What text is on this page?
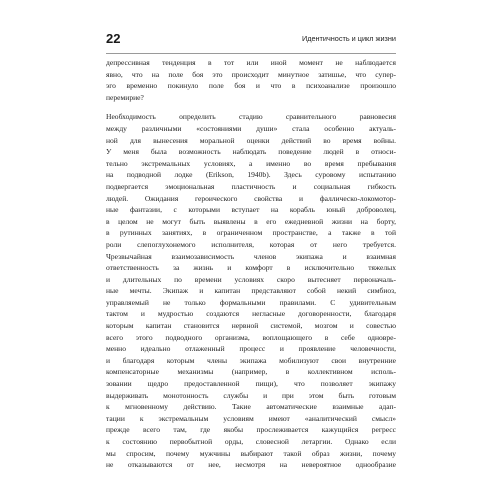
22	Идентичность и цикл жизни
депрессивная тенденция в тот или иной момент не наблюдается
явно, что на поле боя это происходит минутное затишье, что супер-
эго временно покинуло поле боя и что в психоанализе произошло
перемирие?
Необходимость определить стадию сравнительного равновесия
между различными «состояниями души» стала особенно актуаль-
ной для вынесения моральной оценки действий во время войны.
У меня была возможность наблюдать поведение людей в относи-
тельно экстремальных условиях, а именно во время пребывания
на подводной лодке (Erikson, 1940b). Здесь суровому испытанию
подвергается эмоциональная пластичность и социальная гибкость
людей. Ожидания героического свойства и фаллическо-локомотор-
ные фантазии, с которыми вступает на корабль юный доброволец,
в целом не могут быть выявлены в его ежедневной жизни на борту,
в рутинных занятиях, в ограниченном пространстве, а также в той
роли слепоглухонемого исполнителя, которая от него требуется.
Чрезвычайная взаимозависимость членов экипажа и взаимная
ответственность за жизнь и комфорт в исключительно тяжелых
и длительных по времени условиях скоро вытесняет первоначаль-
ные мечты. Экипаж и капитан представляют собой некий симбиоз,
управляемый не только формальными правилами. С удивительным
тактом и мудростью создаются негласные договоренности, благодаря
которым капитан становится нервной системой, мозгом и совестью
всего этого подводного организма, воплощающего в себе одновре-
менно идеально отлаженный процесс и проявление человечности,
и благодаря которым члены экипажа мобилизуют свои внутренние
компенсаторные механизмы (например, в коллективном исполь-
зовании щедро предоставленной пищи), что позволяет экипажу
выдерживать монотонность службы и при этом быть готовым
к мгновенному действию. Такие автоматические взаимные адап-
тации к экстремальным условиям имеют «аналитический смысл»
прежде всего там, где якобы прослеживается кажущийся регресс
к состоянию первобытной орды, словесной летаргии. Однако если
мы спросим, почему мужчины выбирают такой образ жизни, почему
не отказываются от нее, несмотря на невероятное однообразие
